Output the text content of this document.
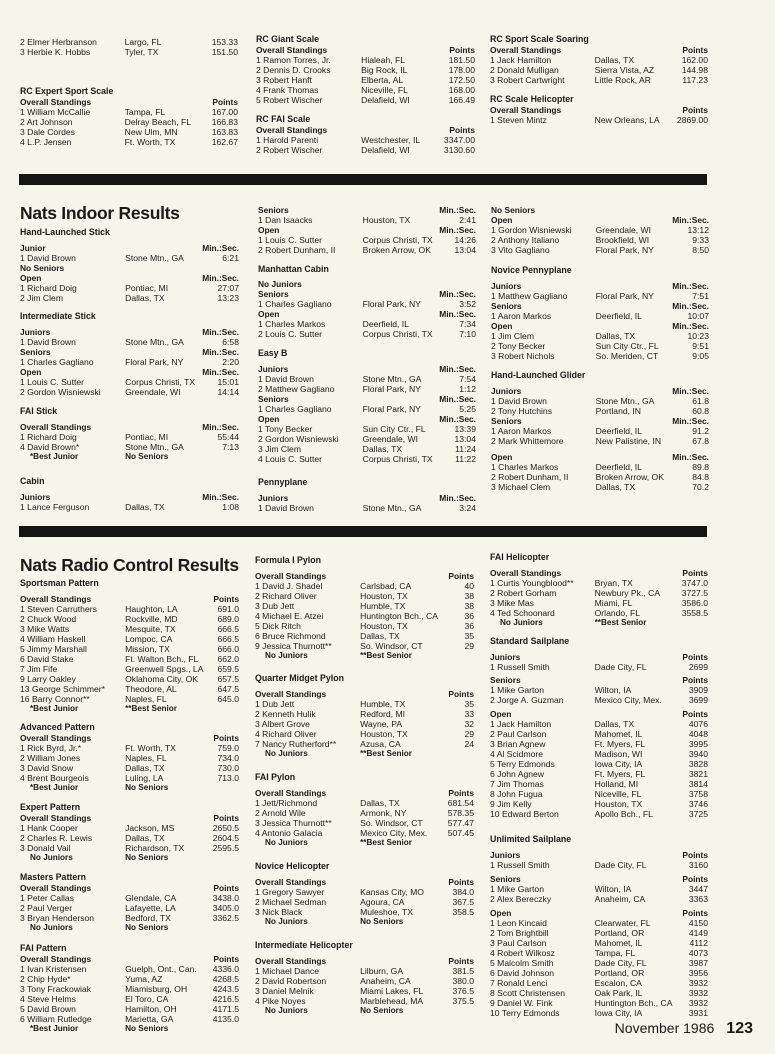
2 Elmer Herbranson	Largo, FL	153.33
3 Herbie K. Hobbs	Tyler, TX	151.50
RC Expert Sport Scale
Overall Standings	Points
1 William McCallie	Tampa, FL	167.00
2 Art Johnson	Delray Beach, FL	166.83
3 Dale Cordes	New Ulm, MN	163.83
4 L.P. Jensen	Ft. Worth, TX	162.67
RC Giant Scale
Overall Standings	Points
1 Ramon Torres, Jr.	Hialeah, FL	181.50
2 Dennis D. Crooks	Big Rock, IL	178.00
3 Robert Hanft	Elberta, AL	172.50
4 Frank Thomas	Niceville, FL	168.00
5 Robert Wischer	Delafield, WI	166.49
RC FAI Scale
Overall Standings	Points
1 Harold Parenti	Westchester, IL	3347.00
2 Robert Wischer	Delafield, WI	3130.60
RC Sport Scale Soaring
Overall Standings	Points
1 Jack Hamilton	Dallas, TX	162.00
2 Donald Mulligan	Sierra Vista, AZ	144.98
3 Robert Cartwright	Little Rock, AR	117.23
RC Scale Helicopter
Overall Standings	Points
1 Steven Mintz	New Orleans, LA	2869.00
Nats Indoor Results
Hand-Launched Stick
Junior	Min.:Sec.
1 David Brown	Stone Mtn., GA	6:21
No Seniors
Open	Min.:Sec.
1 Richard Doig	Pontiac, MI	27:07
2 Jim Clem	Dallas, TX	13:23
Intermediate Stick
Juniors	Min.:Sec.
1 David Brown	Stone Mtn., GA	6:58
Seniors	Min.:Sec.
1 Charles Gagliano	Floral Park, NY	2:20
Open	Min.:Sec.
1 Louis C. Sutter	Corpus Christi, TX	15:01
2 Gordon Wisniewski	Greendale, WI	14:14
FAI Stick
Overall Standings	Min.:Sec.
1 Richard Doig	Pontiac, MI	55:44
4 David Brown*	Stone Mtn., GA	7:13
*Best Junior	No Seniors
Cabin
Juniors	Min.:Sec.
1 Lance Ferguson	Dallas, TX	1:08
Seniors	Min.:Sec.
1 Dan Isaacks	Houston, TX	2:41
Open	Min.:Sec.
1 Louis C. Sutter	Corpus Christi, TX	14:26
2 Robert Dunham, II	Broken Arrow, OK	13:04
Manhattan Cabin
No Juniors
Seniors	Min.:Sec.
1 Charles Gagliano	Floral Park, NY	3:52
Open	Min.:Sec.
1 Charles Markos	Deerfield, IL	7:34
2 Louis C. Sutter	Corpus Christi, TX	7:10
Easy B
Juniors	Min.:Sec.
1 David Brown	Stone Mtn., GA	7:54
2 Matthew Gagliano	Floral Park, NY	1:12
Seniors	Min.:Sec.
1 Charles Gagliano	Floral Park, NY	5:25
Open	Min.:Sec.
1 Tony Becker	Sun City Ctr., FL	13:39
2 Gordon Wisniewski	Greendale, WI	13:04
3 Jim Clem	Dallas, TX	11:24
4 Louis C. Sutter	Corpus Christi, TX	11:22
Pennyplane
Juniors	Min.:Sec.
1 David Brown	Stone Mtn., GA	3:24
No Seniors
Open	Min.:Sec.
1 Gordon Wisniewski	Greendale, WI	13:12
2 Anthony Italiano	Brookfield, WI	9:33
3 Vito Gagliano	Floral Park, NY	8:50
Novice Pennyplane
Juniors	Min.:Sec.
1 Matthew Gagliano	Floral Park, NY	7:51
Seniors	Min.:Sec.
1 Aaron Markos	Deerfield, IL	10:07
Open	Min.:Sec.
1 Jim Clem	Dallas, TX	10:23
2 Tony Becker	Sun City Ctr., FL	9:51
3 Robert Nichols	So. Meriden, CT	9:05
Hand-Launched Glider
Juniors	Min.:Sec.
1 David Brown	Stone Mtn., GA	61.8
2 Tony Hutchins	Portland, IN	60.8
Seniors	Min.:Sec.
1 Aaron Markos	Deerfield, IL	91.2
2 Mark Whittemore	New Palistine, IN	67.8
Open	Min.:Sec.
1 Charles Markos	Deerfield, IL	89.8
2 Robert Dunham, II	Broken Arrow, OK	84.8
3 Michael Clem	Dallas, TX	70.2
Nats Radio Control Results
Sportsman Pattern
Overall Standings	Points
1 Steven Carruthers	Haughton, LA	691.0
2 Chuck Wood	Rockville, MD	689.0
3 Mike Watts	Mesquite, TX	666.5
4 William Haskell	Lompoc, CA	666.5
5 Jimmy Marshall	Mission, TX	666.0
6 David Stake	Ft. Walton Bch., FL	662.0
7 Jim Fife	Greenwell Spgs., LA	659.5
9 Larry Oakley	Oklahoma City, OK	657.5
13 George Schimmer*	Theodore, AL	647.5
16 Barry Connor**	Naples, FL	645.0
*Best Junior	**Best Senior
Advanced Pattern
Overall Standings	Points
1 Rick Byrd, Jr.*	Ft. Worth, TX	759.0
2 William Jones	Naples, FL	734.0
3 David Snow	Dallas, TX	730.0
4 Brent Bourgeois	Luling, LA	713.0
*Best Junior	No Seniors
Expert Pattern
Overall Standings	Points
1 Hank Cooper	Jackson, MS	2650.5
2 Charles R. Lewis	Dallas, TX	2604.5
3 Donald Vail	Richardson, TX	2595.5
No Juniors	No Seniors
Masters Pattern
Overall Standings	Points
1 Peter Callas	Glendale, CA	3438.0
2 Paul Verger	Lafayette, LA	3405.0
3 Bryan Henderson	Bedford, TX	3362.5
No Juniors	No Seniors
FAI Pattern
Overall Standings	Points
1 Ivan Kristensen	Guelph, Ont., Can.	4336.0
2 Chip Hyde*	Yuma, AZ	4268.5
3 Tony Frackowiak	Miamisburg, OH	4243.5
4 Steve Helms	El Toro, CA	4216.5
5 David Brown	Hamilton, OH	4171.5
6 William Rutledge	Marietta, GA	4135.0
*Best Junior	No Seniors
Formula I Pylon
Overall Standings	Points
1 David J. Shadel	Carlsbad, CA	40
2 Richard Oliver	Houston, TX	38
3 Dub Jett	Humble, TX	38
4 Michael E. Atzei	Huntington Bch., CA	36
5 Dick Ritch	Houston, TX	36
6 Bruce Richmond	Dallas, TX	35
9 Jessica Thurnott**	So. Windsor, CT	29
No Juniors	**Best Senior
Quarter Midget Pylon
Overall Standings	Points
1 Dub Jett	Humble, TX	35
2 Kenneth Hulik	Redford, MI	33
3 Albert Grove	Wayne, PA	32
4 Richard Oliver	Houston, TX	29
7 Nancy Rutherford**	Azusa, CA	24
No Juniors	**Best Senior
FAI Pylon
Overall Standings	Points
1 Jett/Richmond	Dallas, TX	681.54
2 Arnold Wile	Armonk, NY	578.35
3 Jessica Thurnott**	So. Windsor, CT	577.47
4 Antonio Galacia	Mexico City, Mex.	507.45
No Juniors	**Best Senior
Novice Helicopter
Overall Standings	Points
1 Gregory Sawyer	Kansas City, MO	384.0
2 Michael Sedman	Agoura, CA	367.5
3 Nick Black	Muleshoe, TX	358.5
No Juniors	No Seniors
Intermediate Helicopter
Overall Standings	Points
1 Michael Dance	Lilburn, GA	381.5
2 David Robertson	Anaheim, CA	380.0
3 Daniel Melnik	Miami Lakes, FL	376.5
4 Pike Noyes	Marblehead, MA	375.5
No Juniors	No Seniors
FAI Helicopter
Overall Standings	Points
1 Curtis Youngblood**	Bryan, TX	3747.0
2 Robert Gorham	Newbury Pk., CA	3727.5
3 Mike Mas	Miami, FL	3586.0
4 Ted Schoonard	Orlando, FL	3558.5
No Juniors	**Best Senior
Standard Sailplane
Juniors	Points
1 Russell Smith	Dade City, FL	2699
Seniors	Points
1 Mike Garton	Wilton, IA	3909
2 Jorge A. Guzman	Mexico City, Mex.	3699
Open	Points
1 Jack Hamilton	Dallas, TX	4076
2 Paul Carlson	Mahomet, IL	4048
3 Brian Agnew	Ft. Myers, FL	3995
4 Al Scidmore	Madison, WI	3940
5 Terry Edmonds	Iowa City, IA	3828
6 John Agnew	Ft. Myers, FL	3821
7 Jim Thomas	Holland, MI	3814
8 John Fugua	Niceville, FL	3758
9 Jim Kelly	Houston, TX	3746
10 Edward Berton	Apollo Bch., FL	3725
Unlimited Sailplane
Juniors	Points
1 Russell Smith	Dade City, FL	3160
Seniors	Points
1 Mike Garton	Wilton, IA	3447
2 Alex Bereczky	Anaheim, CA	3363
Open	Points
1 Leon Kincaid	Clearwater, FL	4150
2 Tom Brightbill	Portland, OR	4149
3 Paul Carlson	Mahomet, IL	4112
4 Robert Wilkosz	Tampa, FL	4073
5 Malcolm Smith	Dade City, FL	3987
6 David Johnson	Portland, OR	3956
7 Ronald Lenci	Escalon, CA	3932
8 Scott Christensen	Oak Park, IL	3932
9 Daniel W. Fink	Huntington Bch., CA	3932
10 Terry Edmonds	Iowa City, IA	3931
November 1986 123
